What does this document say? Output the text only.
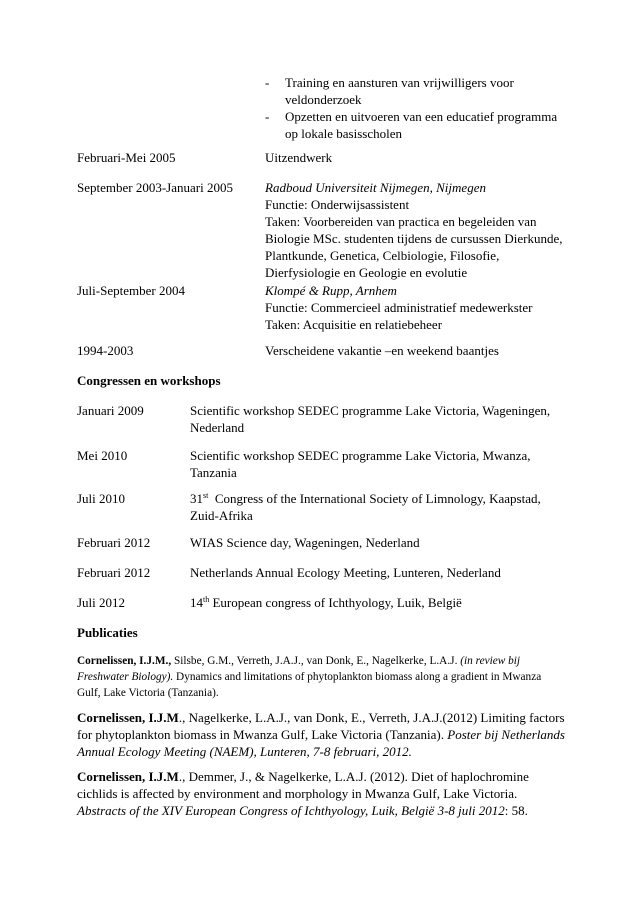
- Training en aansturen van vrijwilligers voor
veldonderzoek
- Opzetten en uitvoeren van een educatief programma
op lokale basisscholen
Februari-Mei 2005	Uitzendwerk
September 2003-Januari 2005	Radboud Universiteit Nijmegen, Nijmegen
Functie: Onderwijsassistent
Taken: Voorbereiden van practica en begeleiden van
Biologie MSc. studenten tijdens de cursussen Dierkunde,
Plantkunde, Genetica, Celbiologie, Filosofie,
Dierfysiologie en Geologie en evolutie
Juli-September 2004	Klompé & Rupp, Arnhem
Functie: Commercieel administratief medewerkster
Taken: Acquisitie en relatiebeheer
1994-2003	Verscheidene vakantie –en weekend baantjes
Congressen en workshops
Januari 2009	Scientific workshop SEDEC programme Lake Victoria, Wageningen,
Nederland
Mei 2010	Scientific workshop SEDEC programme Lake Victoria, Mwanza,
Tanzania
Juli 2010	31st  Congress of the International Society of Limnology, Kaapstad,
Zuid-Afrika
Februari 2012	WIAS Science day, Wageningen, Nederland
Februari 2012	Netherlands Annual Ecology Meeting, Lunteren, Nederland
Juli 2012	14th European congress of Ichthyology, Luik, België
Publicaties
Cornelissen, I.J.M., Silsbe, G.M., Verreth, J.A.J., van Donk, E., Nagelkerke, L.A.J. (in review bij
Freshwater Biology). Dynamics and limitations of phytoplankton biomass along a gradient in Mwanza
Gulf, Lake Victoria (Tanzania).
Cornelissen, I.J.M., Nagelkerke, L.A.J., van Donk, E., Verreth, J.A.J.(2012) Limiting factors
for phytoplankton biomass in Mwanza Gulf, Lake Victoria (Tanzania). Poster bij Netherlands
Annual Ecology Meeting (NAEM), Lunteren, 7-8 februari, 2012.
Cornelissen, I.J.M., Demmer, J., & Nagelkerke, L.A.J. (2012). Diet of haplochromine
cichlids is affected by environment and morphology in Mwanza Gulf, Lake Victoria.
Abstracts of the XIV European Congress of Ichthyology, Luik, België 3-8 juli 2012: 58.
